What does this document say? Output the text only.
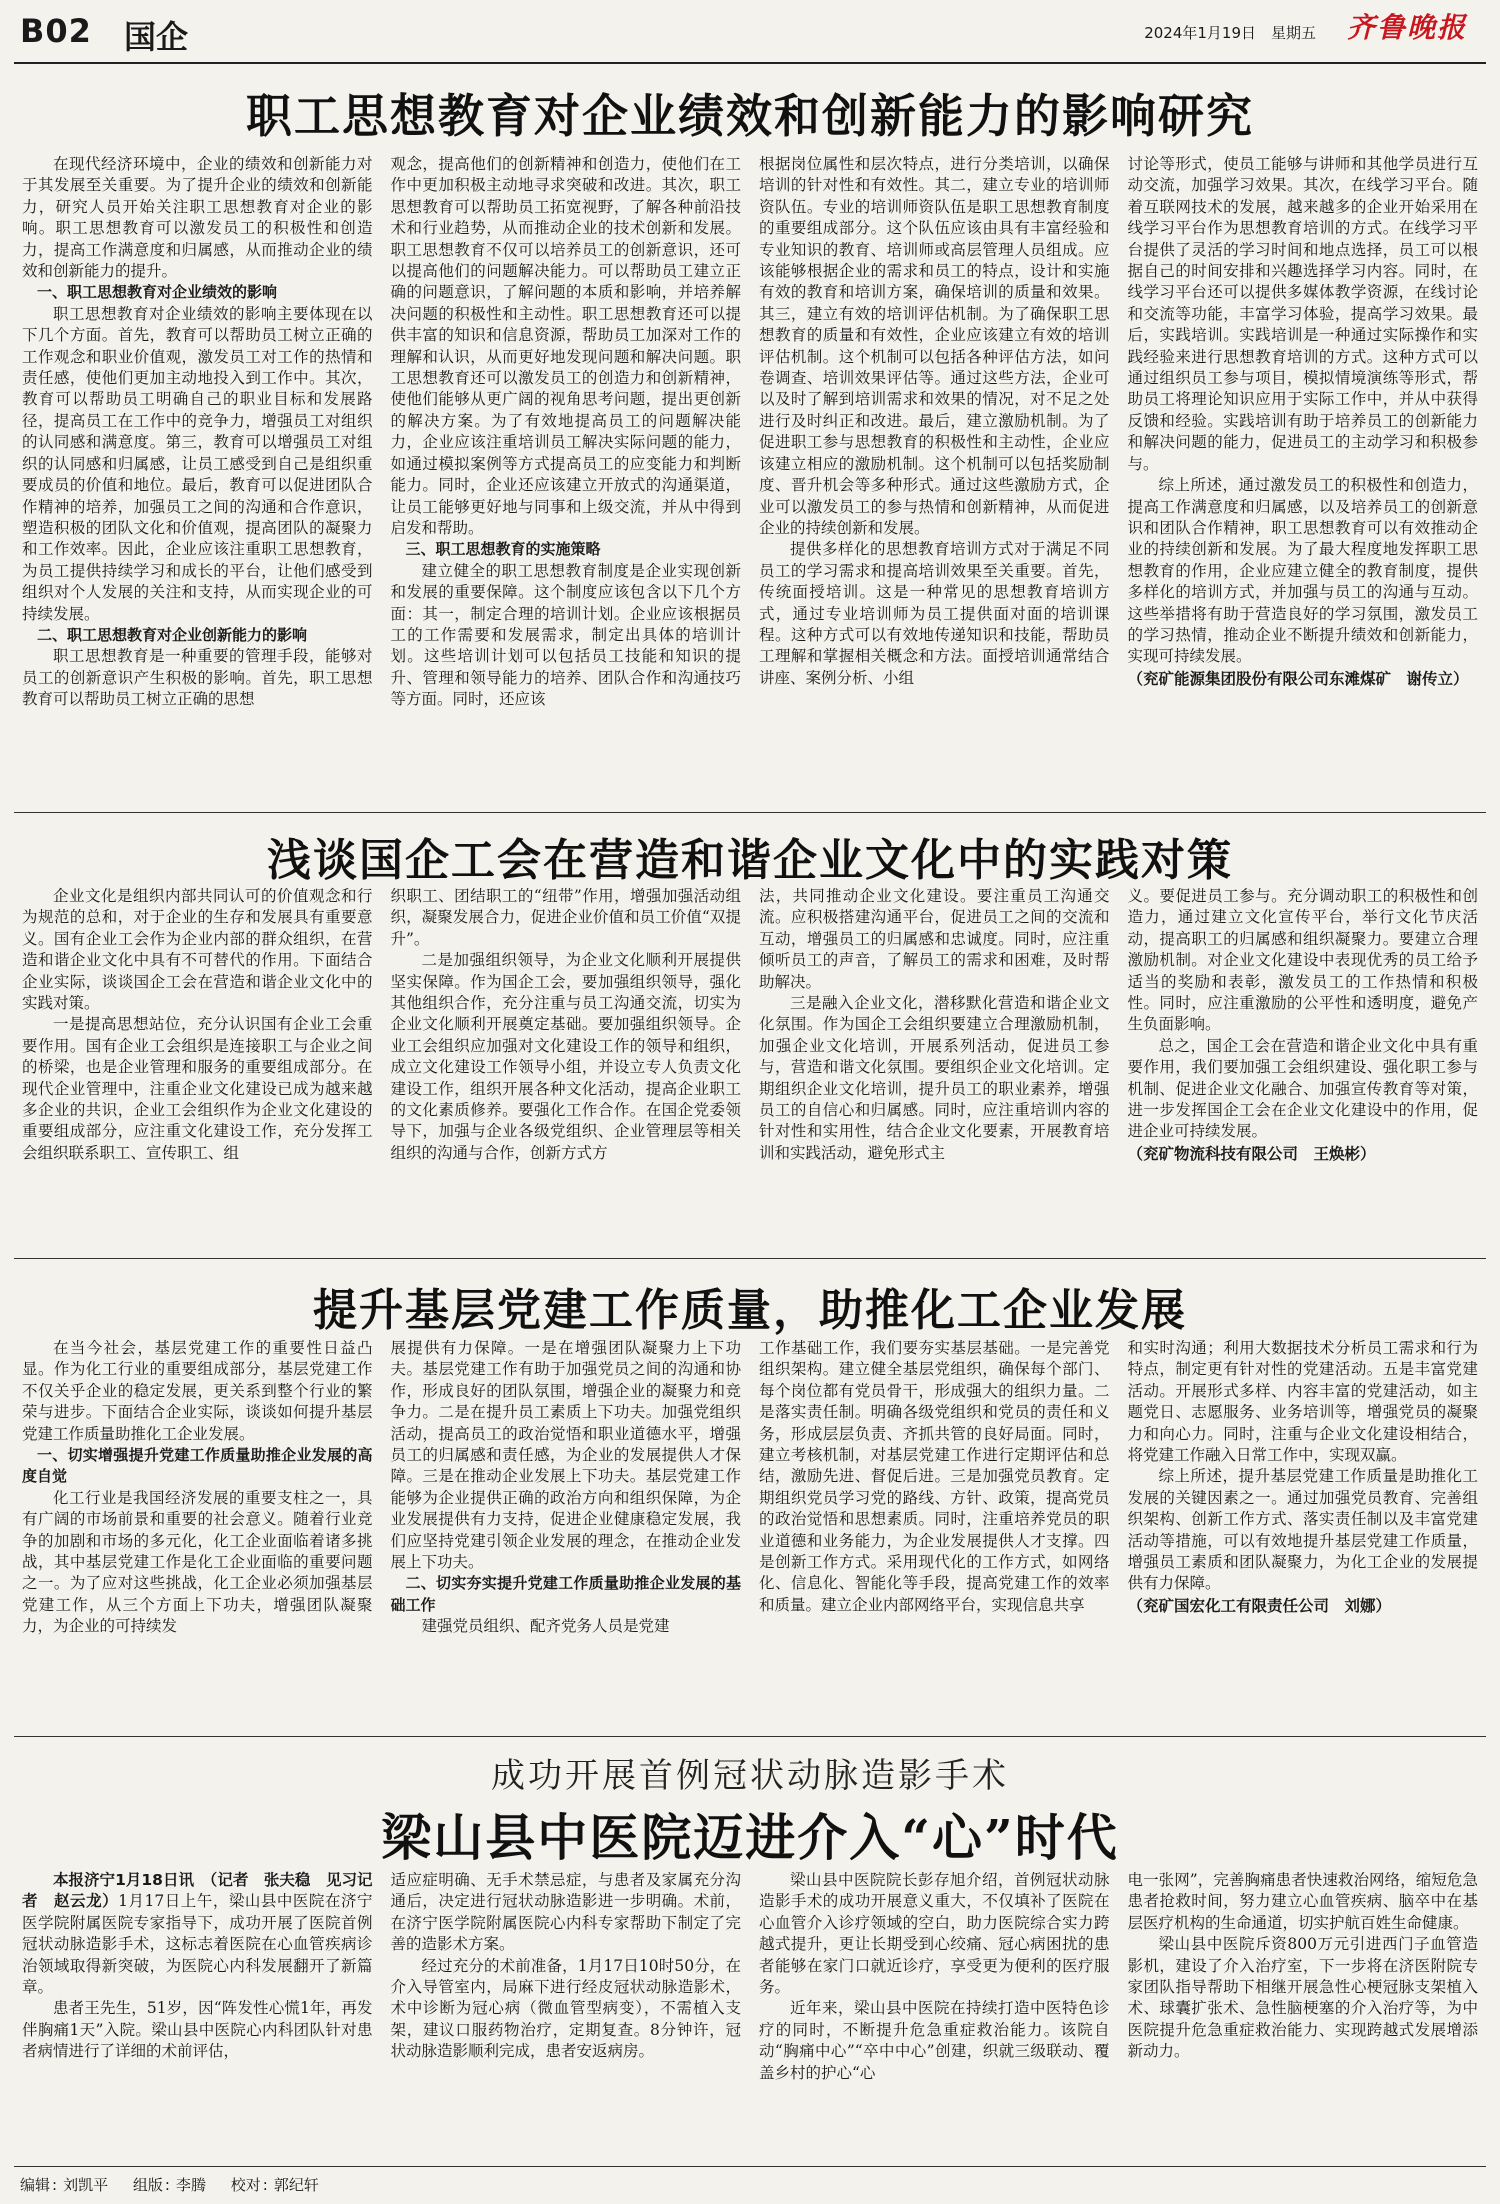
B02 国企	2024年1月19日 星期五 齐鲁晚报
职工思想教育对企业绩效和创新能力的影响研究

在现代经济环境中，企业的绩效和创新能力对于其发展至关重要。为了提升企业的绩效和创新能力，研究人员开始关注职工思想教育对企业的影响。职工思想教育可以激发员工的积极性和创造力，提高工作满意度和归属感，从而推动企业的绩效和创新能力的提升。

一、职工思想教育对企业绩效的影响

职工思想教育对企业绩效的影响主要体现在以下几个方面。首先，教育可以帮助员工树立正确的工作观念和职业价值观，激发员工对工作的热情和责任感，使他们更加主动地投入到工作中。其次，教育可以帮助员工明确自己的职业目标和发展路径，提高员工在工作中的竞争力，增强员工对组织的认同感和满意度。第三，教育可以增强员工对组织的认同感和归属感，让员工感受到自己是组织重要成员的价值和地位。最后，教育可以促进团队合作精神的培养，加强员工之间的沟通和合作意识，塑造积极的团队文化和价值观，提高团队的凝聚力和工作效率。因此，企业应该注重职工思想教育，为员工提供持续学习和成长的平台，让他们感受到组织对个人发展的关注和支持，从而实现企业的可持续发展。

二、职工思想教育对企业创新能力的影响

职工思想教育是一种重要的管理手段，能够对员工的创新意识产生积极的影响。首先，职工思想教育可以帮助员工树立正确的思想

观念，提高他们的创新精神和创造力，使他们在工作中更加积极主动地寻求突破和改进。其次，职工思想教育可以帮助员工拓宽视野，了解各种前沿技术和行业趋势，从而推动企业的技术创新和发展。职工思想教育不仅可以培养员工的创新意识，还可以提高他们的问题解决能力。可以帮助员工建立正确的问题意识，了解问题的本质和影响，并培养解决问题的积极性和主动性。职工思想教育还可以提供丰富的知识和信息资源，帮助员工加深对工作的理解和认识，从而更好地发现问题和解决问题。职工思想教育还可以激发员工的创造力和创新精神，使他们能够从更广阔的视角思考问题，提出更创新的解决方案。为了有效地提高员工的问题解决能力，企业应该注重培训员工解决实际问题的能力，如通过模拟案例等方式提高员工的应变能力和判断能力。同时，企业还应该建立开放式的沟通渠道，让员工能够更好地与同事和上级交流，并从中得到启发和帮助。

三、职工思想教育的实施策略

建立健全的职工思想教育制度是企业实现创新和发展的重要保障。这个制度应该包含以下几个方面：其一，制定合理的培训计划。企业应该根据员工的工作需要和发展需求，制定出具体的培训计划。这些培训计划可以包括员工技能和知识的提升、管理和领导能力的培养、团队合作和沟通技巧等方面。同时，还应该

根据岗位属性和层次特点，进行分类培训，以确保培训的针对性和有效性。其二，建立专业的培训师资队伍。专业的培训师资队伍是职工思想教育制度的重要组成部分。这个队伍应该由具有丰富经验和专业知识的教育、培训师或高层管理人员组成。应该能够根据企业的需求和员工的特点，设计和实施有效的教育和培训方案，确保培训的质量和效果。其三，建立有效的培训评估机制。为了确保职工思想教育的质量和有效性，企业应该建立有效的培训评估机制。这个机制可以包括各种评估方法，如问卷调查、培训效果评估等。通过这些方法，企业可以及时了解到培训需求和效果的情况，对不足之处进行及时纠正和改进。最后，建立激励机制。为了促进职工参与思想教育的积极性和主动性，企业应该建立相应的激励机制。这个机制可以包括奖励制度、晋升机会等多种形式。通过这些激励方式，企业可以激发员工的参与热情和创新精神，从而促进企业的持续创新和发展。

提供多样化的思想教育培训方式对于满足不同员工的学习需求和提高培训效果至关重要。首先，传统面授培训。这是一种常见的思想教育培训方式，通过专业培训师为员工提供面对面的培训课程。这种方式可以有效地传递知识和技能，帮助员工理解和掌握相关概念和方法。面授培训通常结合讲座、案例分析、小组

讨论等形式，使员工能够与讲师和其他学员进行互动交流，加强学习效果。其次，在线学习平台。随着互联网技术的发展，越来越多的企业开始采用在线学习平台作为思想教育培训的方式。在线学习平台提供了灵活的学习时间和地点选择，员工可以根据自己的时间安排和兴趣选择学习内容。同时，在线学习平台还可以提供多媒体教学资源，在线讨论和交流等功能，丰富学习体验，提高学习效果。最后，实践培训。实践培训是一种通过实际操作和实践经验来进行思想教育培训的方式。这种方式可以通过组织员工参与项目，模拟情境演练等形式，帮助员工将理论知识应用于实际工作中，并从中获得反馈和经验。实践培训有助于培养员工的创新能力和解决问题的能力，促进员工的主动学习和积极参与。

综上所述，通过激发员工的积极性和创造力，提高工作满意度和归属感，以及培养员工的创新意识和团队合作精神，职工思想教育可以有效推动企业的持续创新和发展。为了最大程度地发挥职工思想教育的作用，企业应建立健全的教育制度，提供多样化的培训方式，并加强与员工的沟通与互动。这些举措将有助于营造良好的学习氛围，激发员工的学习热情，推动企业不断提升绩效和创新能力，实现可持续发展。

（兖矿能源集团股份有限公司东滩煤矿　谢传立）

浅谈国企工会在营造和谐企业文化中的实践对策

企业文化是组织内部共同认可的价值观念和行为规范的总和，对于企业的生存和发展具有重要意义。国有企业工会作为企业内部的群众组织，在营造和谐企业文化中具有不可替代的作用。下面结合企业实际，谈谈国企工会在营造和谐企业文化中的实践对策。

一是提高思想站位，充分认识国有企业工会重要作用。国有企业工会组织是连接职工与企业之间的桥梁，也是企业管理和服务的重要组成部分。在现代企业管理中，注重企业文化建设已成为越来越多企业的共识，企业工会组织作为企业文化建设的重要组成部分，应注重文化建设工作，充分发挥工会组织联系职工、宣传职工、组

织职工、团结职工的“纽带”作用，增强加强活动组织，凝聚发展合力，促进企业价值和员工价值“双提升”。

二是加强组织领导，为企业文化顺利开展提供坚实保障。作为国企工会，要加强组织领导，强化其他组织合作，充分注重与员工沟通交流，切实为企业文化顺利开展奠定基础。要加强组织领导。企业工会组织应加强对文化建设工作的领导和组织，成立文化建设工作领导小组，并设立专人负责文化建设工作，组织开展各种文化活动，提高企业职工的文化素质修养。要强化工作合作。在国企党委领导下，加强与企业各级党组织、企业管理层等相关组织的沟通与合作，创新方式方

法，共同推动企业文化建设。要注重员工沟通交流。应积极搭建沟通平台，促进员工之间的交流和互动，增强员工的归属感和忠诚度。同时，应注重倾听员工的声音，了解员工的需求和困难，及时帮助解决。

三是融入企业文化，潜移默化营造和谐企业文化氛围。作为国企工会组织要建立合理激励机制，加强企业文化培训，开展系列活动，促进员工参与，营造和谐文化氛围。要组织企业文化培训。定期组织企业文化培训，提升员工的职业素养，增强员工的自信心和归属感。同时，应注重培训内容的针对性和实用性，结合企业文化要素，开展教育培训和实践活动，避免形式主

义。要促进员工参与。充分调动职工的积极性和创造力，通过建立文化宣传平台，举行文化节庆活动，提高职工的归属感和组织凝聚力。要建立合理激励机制。对企业文化建设中表现优秀的员工给予适当的奖励和表彰，激发员工的工作热情和积极性。同时，应注重激励的公平性和透明度，避免产生负面影响。

总之，国企工会在营造和谐企业文化中具有重要作用，我们要加强工会组织建设、强化职工参与机制、促进企业文化融合、加强宣传教育等对策，进一步发挥国企工会在企业文化建设中的作用，促进企业可持续发展。

（兖矿物流科技有限公司　王焕彬）

提升基层党建工作质量，助推化工企业发展

在当今社会，基层党建工作的重要性日益凸显。作为化工行业的重要组成部分，基层党建工作不仅关乎企业的稳定发展，更关系到整个行业的繁荣与进步。下面结合企业实际，谈谈如何提升基层党建工作质量助推化工企业发展。

一、切实增强提升党建工作质量助推企业发展的高度自觉

化工行业是我国经济发展的重要支柱之一，具有广阔的市场前景和重要的社会意义。随着行业竞争的加剧和市场的多元化，化工企业面临着诸多挑战，其中基层党建工作是化工企业面临的重要问题之一。为了应对这些挑战，化工企业必须加强基层党建工作，从三个方面上下功夫，增强团队凝聚力，为企业的可持续发

展提供有力保障。一是在增强团队凝聚力上下功夫。基层党建工作有助于加强党员之间的沟通和协作，形成良好的团队氛围，增强企业的凝聚力和竞争力。二是在提升员工素质上下功夫。加强党组织活动，提高员工的政治觉悟和职业道德水平，增强员工的归属感和责任感，为企业的发展提供人才保障。三是在推动企业发展上下功夫。基层党建工作能够为企业提供正确的政治方向和组织保障，为企业发展提供有力支持，促进企业健康稳定发展，我们应坚持党建引领企业发展的理念，在推动企业发展上下功夫。

二、切实夯实提升党建工作质量助推企业发展的基础工作

建强党员组织、配齐党务人员是党建

工作基础工作，我们要夯实基层基础。一是完善党组织架构。建立健全基层党组织，确保每个部门、每个岗位都有党员骨干，形成强大的组织力量。二是落实责任制。明确各级党组织和党员的责任和义务，形成层层负责、齐抓共管的良好局面。同时，建立考核机制，对基层党建工作进行定期评估和总结，激励先进、督促后进。三是加强党员教育。定期组织党员学习党的路线、方针、政策，提高党员的政治觉悟和思想素质。同时，注重培养党员的职业道德和业务能力，为企业发展提供人才支撑。四是创新工作方式。采用现代化的工作方式，如网络化、信息化、智能化等手段，提高党建工作的效率和质量。建立企业内部网络平台，实现信息共享

和实时沟通；利用大数据技术分析员工需求和行为特点，制定更有针对性的党建活动。五是丰富党建活动。开展形式多样、内容丰富的党建活动，如主题党日、志愿服务、业务培训等，增强党员的凝聚力和向心力。同时，注重与企业文化建设相结合，将党建工作融入日常工作中，实现双赢。

综上所述，提升基层党建工作质量是助推化工发展的关键因素之一。通过加强党员教育、完善组织架构、创新工作方式、落实责任制以及丰富党建活动等措施，可以有效地提升基层党建工作质量，增强员工素质和团队凝聚力，为化工企业的发展提供有力保障。

（兖矿国宏化工有限责任公司　刘娜）

成功开展首例冠状动脉造影手术
梁山县中医院迈进介入“心”时代

本报济宁1月18日讯　（记者　张夫稳　见习记者　赵云龙）1月17日上午，梁山县中医院在济宁医学院附属医院专家指导下，成功开展了医院首例冠状动脉造影手术，这标志着医院在心血管疾病诊治领域取得新突破，为医院心内科发展翻开了新篇章。

患者王先生，51岁，因“阵发性心慌1年，再发伴胸痛1天”入院。梁山县中医院心内科团队针对患者病情进行了详细的术前评估，

适应症明确、无手术禁忌症，与患者及家属充分沟通后，决定进行冠状动脉造影进一步明确。术前，在济宁医学院附属医院心内科专家帮助下制定了完善的造影术方案。

经过充分的术前准备，1月17日10时50分，在介入导管室内，局麻下进行经皮冠状动脉造影术，术中诊断为冠心病（微血管型病变），不需植入支架，建议口服药物治疗，定期复查。8分钟许，冠状动脉造影顺利完成，患者安返病房。

梁山县中医院院长彭存旭介绍，首例冠状动脉造影手术的成功开展意义重大，不仅填补了医院在心血管介入诊疗领域的空白，助力医院综合实力跨越式提升，更让长期受到心绞痛、冠心病困扰的患者能够在家门口就近诊疗，享受更为便利的医疗服务。

近年来，梁山县中医院在持续打造中医特色诊疗的同时，不断提升危急重症救治能力。该院自动“胸痛中心”“卒中中心”创建，织就三级联动、覆盖乡村的护心“心

电一张网”，完善胸痛患者快速救治网络，缩短危急患者抢救时间，努力建立心血管疾病、脑卒中在基层医疗机构的生命通道，切实护航百姓生命健康。

梁山县中医院斥资800万元引进西门子血管造影机，建设了介入治疗室，下一步将在济医附院专家团队指导帮助下相继开展急性心梗冠脉支架植入术、球囊扩张术、急性脑梗塞的介入治疗等，为中医院提升危急重症救治能力、实现跨越式发展增添新动力。

编辑 : 刘凯平 组版 : 李腾 校对 : 郭纪轩
